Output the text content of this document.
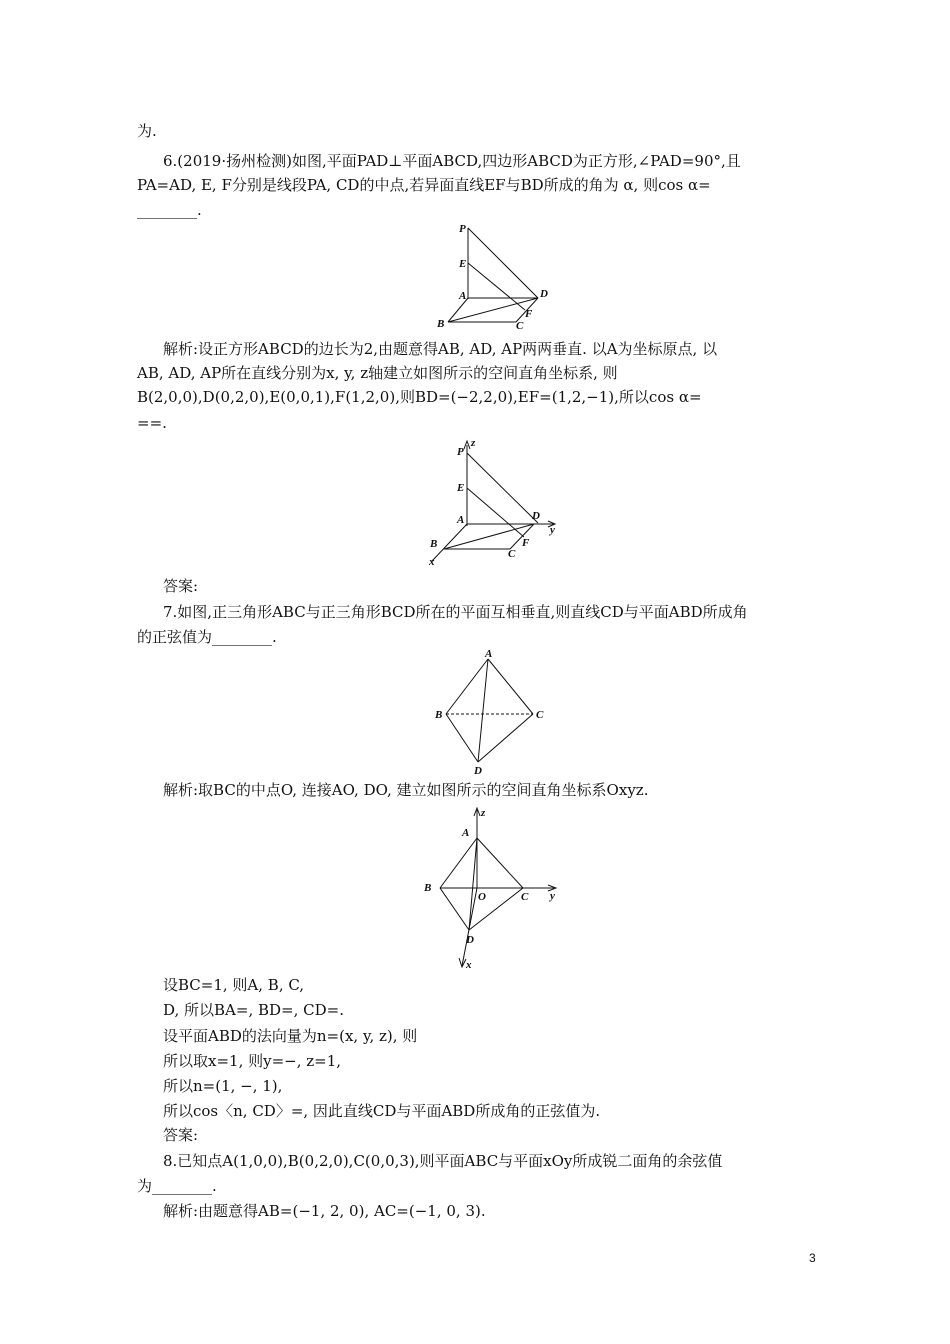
为.
6.(2019·扬州检测)如图,平面PAD⊥平面ABCD,四边形ABCD为正方形,∠PAD=90°,且
PA=AD, E, F分别是线段PA, CD的中点,若异面直线EF与BD所成的角为 α, 则cos α=
________.
P
E
A	D
B	C
F
解析:设正方形ABCD的边长为2,由题意得AB, AD, AP两两垂直. 以A为坐标原点, 以
AB, AD, AP所在直线分别为x, y, z轴建立如图所示的空间直角坐标系, 则
B(2,0,0),D(0,2,0),E(0,0,1),F(1,2,0),则BD=(−2,2,0),EF=(1,2,−1),所以cos α=
==.
z
P
E
A	D
y
B
C
F
x
答案:
7.如图,正三角形ABC与正三角形BCD所在的平面互相垂直,则直线CD与平面ABD所成角
的正弦值为________.
A
B	C
D
解析:取BC的中点O, 连接AO, DO, 建立如图所示的空间直角坐标系Oxyz.
z
A
B
O	C y
D
x
设BC=1, 则A, B, C,
D, 所以BA=, BD=, CD=.
设平面ABD的法向量为n=(x, y, z), 则
所以取x=1, 则y=−, z=1,
所以n=(1, −, 1),
所以cos〈n, CD〉=, 因此直线CD与平面ABD所成角的正弦值为.
答案:
8.已知点A(1,0,0),B(0,2,0),C(0,0,3),则平面ABC与平面xOy所成锐二面角的余弦值
为________.
解析:由题意得AB=(−1, 2, 0), AC=(−1, 0, 3).
3
